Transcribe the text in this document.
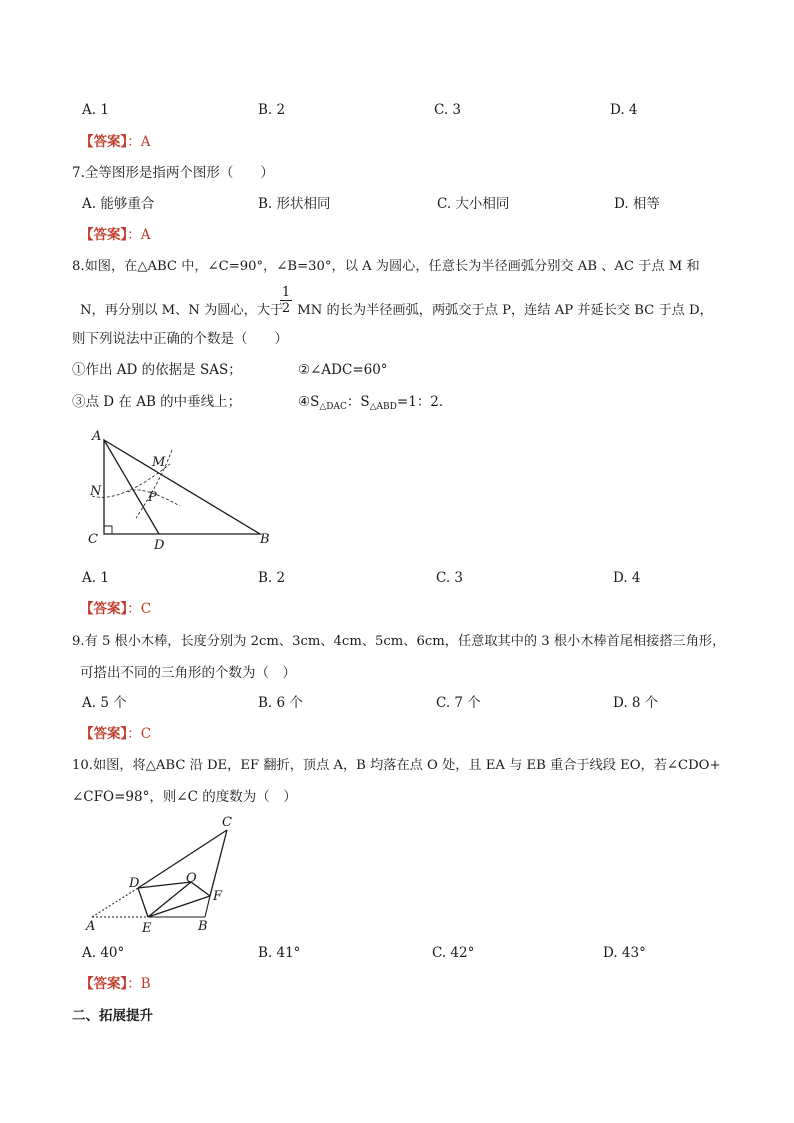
A. 1	B. 2	C. 3	D. 4
【答案】：A
7.全等图形是指两个图形（　　）
A. 能够重合	B. 形状相同	C. 大小相同	D. 相等
【答案】：A
8.如图，在△ABC 中，∠C=90°，∠B=30°，以 A 为圆心，任意长为半径画弧分别交 AB 、AC 于点 M 和
N，再分别以 M、N 为圆心，大于 MN 的长为半径画弧，两弧交于点 P，连结 AP 并延长交 BC 于点 D，
1
2
则下列说法中正确的个数是（　　）
①作出 AD 的依据是 SAS；	②∠ADC=60°
③点 D 在 AB 的中垂线上；	$④S_{\triangle DAC}$：$S_{\triangle ABD}=1$：2．
A
M
N	P
C	D	B
A. 1	B. 2	C. 3	D. 4
【答案】：C
9.有 5 根小木棒，长度分别为 2cm、3cm、4cm、5cm、6cm，任意取其中的 3 根小木棒首尾相接搭三角形，
可搭出不同的三角形的个数为（　）
A. 5 个	B. 6 个	C. 7 个	D. 8 个
【答案】：C
10.如图，将△ABC 沿 DE，EF 翻折，顶点 A，B 均落在点 O 处，且 EA 与 EB 重合于线段 EO，若∠CDO+
∠CFO=98°，则∠C 的度数为（　）
C
O
D
F
A	E	B
A. 40°	B. 41°	C. 42°	D. 43°
【答案】：B
二、拓展提升
